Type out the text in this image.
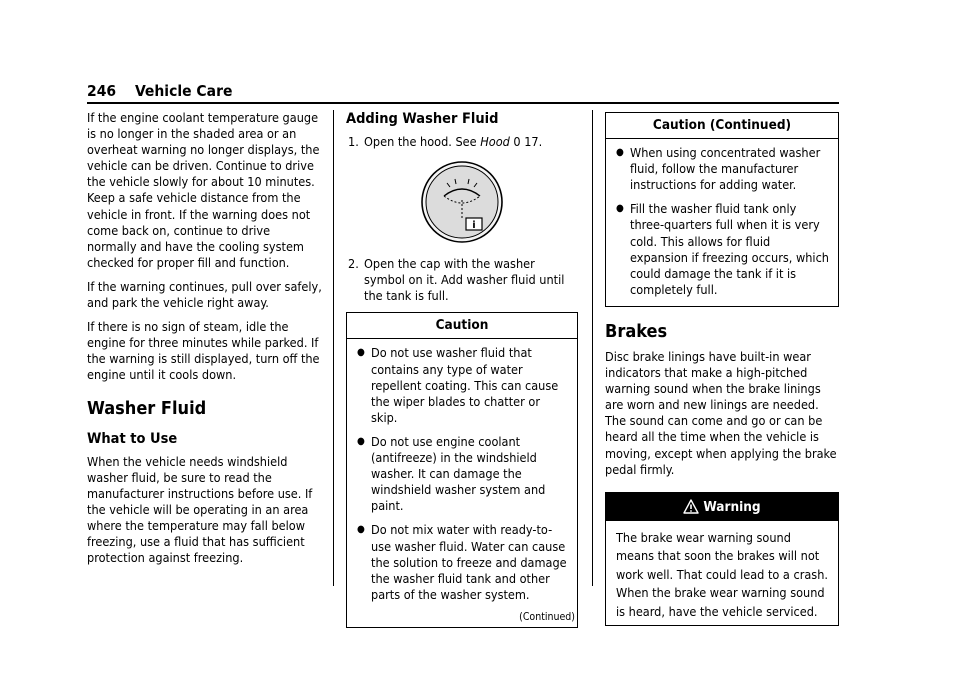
246 Vehicle Care

If the engine coolant temperature gauge is no longer in the shaded area or an overheat warning no longer displays, the vehicle can be driven. Continue to drive the vehicle slowly for about 10 minutes. Keep a safe vehicle distance from the vehicle in front. If the warning does not come back on, continue to drive normally and have the cooling system checked for proper fill and function.

If the warning continues, pull over safely, and park the vehicle right away.

If there is no sign of steam, idle the engine for three minutes while parked. If the warning is still displayed, turn off the engine until it cools down.

Washer Fluid
What to Use

When the vehicle needs windshield washer fluid, be sure to read the manufacturer instructions before use. If the vehicle will be operating in an area where the temperature may fall below freezing, use a fluid that has sufficient protection against freezing.

Adding Washer Fluid
1. Open the hood. See Hood 0 17.
i
2. Open the cap with the washer symbol on it. Add washer fluid until the tank is full.
Caution
● Do not use washer fluid that contains any type of water repellent coating. This can cause the wiper blades to chatter or skip.
● Do not use engine coolant (antifreeze) in the windshield washer. It can damage the windshield washer system and paint.
● Do not mix water with ready-to-use washer fluid. Water can cause the solution to freeze and damage the washer fluid tank and other parts of the washer system.
(Continued)
Caution (Continued)
● When using concentrated washer fluid, follow the manufacturer instructions for adding water.
● Fill the washer fluid tank only three-quarters full when it is very cold. This allows for fluid expansion if freezing occurs, which could damage the tank if it is completely full.
Brakes

Disc brake linings have built-in wear indicators that make a high-pitched warning sound when the brake linings are worn and new linings are needed. The sound can come and go or can be heard all the time when the vehicle is moving, except when applying the brake pedal firmly.

Warning
The brake wear warning sound means that soon the brakes will not work well. That could lead to a crash. When the brake wear warning sound is heard, have the vehicle serviced.
